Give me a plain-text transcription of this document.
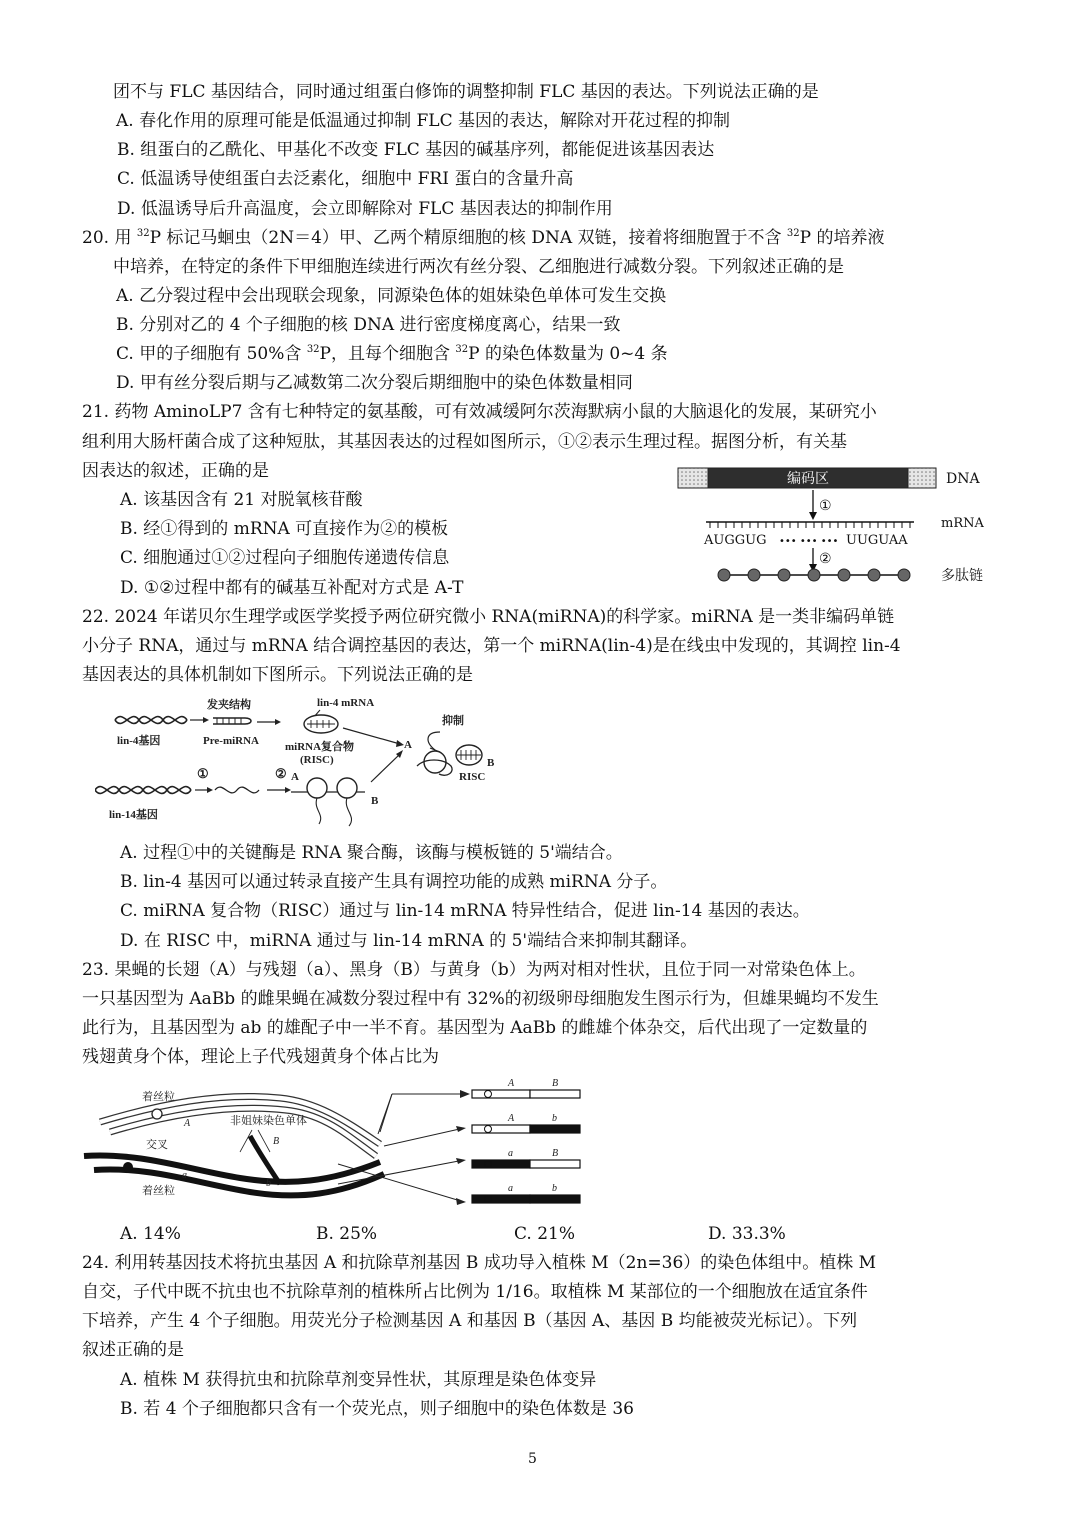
团不与 FLC 基因结合，同时通过组蛋白修饰的调整抑制 FLC 基因的表达。下列说法正确的是
A. 春化作用的原理可能是低温通过抑制 FLC 基因的表达，解除对开花过程的抑制
B. 组蛋白的乙酰化、甲基化不改变 FLC 基因的碱基序列，都能促进该基因表达
C. 低温诱导使组蛋白去泛素化，细胞中 FRI 蛋白的含量升高
D. 低温诱导后升高温度，会立即解除对 FLC 基因表达的抑制作用
20. 用 $^{32}$P 标记马蛔虫（2N＝4）甲、乙两个精原细胞的核 DNA 双链，接着将细胞置于不含 $^{32}$P 的培养液
中培养，在特定的条件下甲细胞连续进行两次有丝分裂、乙细胞进行减数分裂。下列叙述正确的是
A. 乙分裂过程中会出现联会现象，同源染色体的姐妹染色单体可发生交换
B. 分别对乙的 4 个子细胞的核 DNA 进行密度梯度离心，结果一致
C. 甲的子细胞有 50%含 $^{32}$P，且每个细胞含 $^{32}$P 的染色体数量为 0~4 条
D. 甲有丝分裂后期与乙减数第二次分裂后期细胞中的染色体数量相同
21. 药物 AminoLP7 含有七种特定的氨基酸，可有效减缓阿尔茨海默病小鼠的大脑退化的发展，某研究小
组利用大肠杆菌合成了这种短肽，其基因表达的过程如图所示，①②表示生理过程。据图分析，有关基
因表达的叙述，正确的是
A. 该基因含有 21 对脱氧核苷酸
B. 经①得到的 mRNA 可直接作为②的模板
C. 细胞通过①②过程向子细胞传递遗传信息
D. ①②过程中都有的碱基互补配对方式是 A-T
编码区	DNA
①
mRNA
AUGGUG ••• ••• ••• UUGUAA
②
多肽链
22. 2024 年诺贝尔生理学或医学奖授予两位研究微小 RNA(miRNA)的科学家。miRNA 是一类非编码单链
小分子 RNA，通过与 mRNA 结合调控基因的表达，第一个 miRNA(lin-4)是在线虫中发现的，其调控 lin-4
基因表达的具体机制如下图所示。下列说法正确的是
lin-4基因
发夹结构
Pre-miRNA
lin-4 mRNA
miRNA复合物
(RISC)
A
抑制
RISC
B
lin-14基因
①	② A
B
A. 过程①中的关键酶是 RNA 聚合酶，该酶与模板链的 5'端结合。
B. lin-4 基因可以通过转录直接产生具有调控功能的成熟 miRNA 分子。
C. miRNA 复合物（RISC）通过与 lin-14 mRNA 特异性结合，促进 lin-14 基因的表达。
D. 在 RISC 中，miRNA 通过与 lin-14 mRNA 的 5'端结合来抑制其翻译。
23. 果蝇的长翅（A）与残翅（a）、黑身（B）与黄身（b）为两对相对性状，且位于同一对常染色体上。
一只基因型为 AaBb 的雌果蝇在减数分裂过程中有 32%的初级卵母细胞发生图示行为，但雄果蝇均不发生
此行为，且基因型为 ab 的雄配子中一半不育。基因型为 AaBb 的雌雄个体杂交，后代出现了一定数量的
残翅黄身个体，理论上子代残翅黄身个体占比为
着丝粒
A	非姐妹染色单体
B
交叉
a
b
着丝粒
A	B
A	b
a	B
a	b
A. 14%	B. 25%	C. 21%	D. 33.3%
24. 利用转基因技术将抗虫基因 A 和抗除草剂基因 B 成功导入植株 M（2n=36）的染色体组中。植株 M
自交，子代中既不抗虫也不抗除草剂的植株所占比例为 1/16。取植株 M 某部位的一个细胞放在适宜条件
下培养，产生 4 个子细胞。用荧光分子检测基因 A 和基因 B（基因 A、基因 B 均能被荧光标记）。下列
叙述正确的是
A. 植株 M 获得抗虫和抗除草剂变异性状，其原理是染色体变异
B. 若 4 个子细胞都只含有一个荧光点，则子细胞中的染色体数是 36
5
